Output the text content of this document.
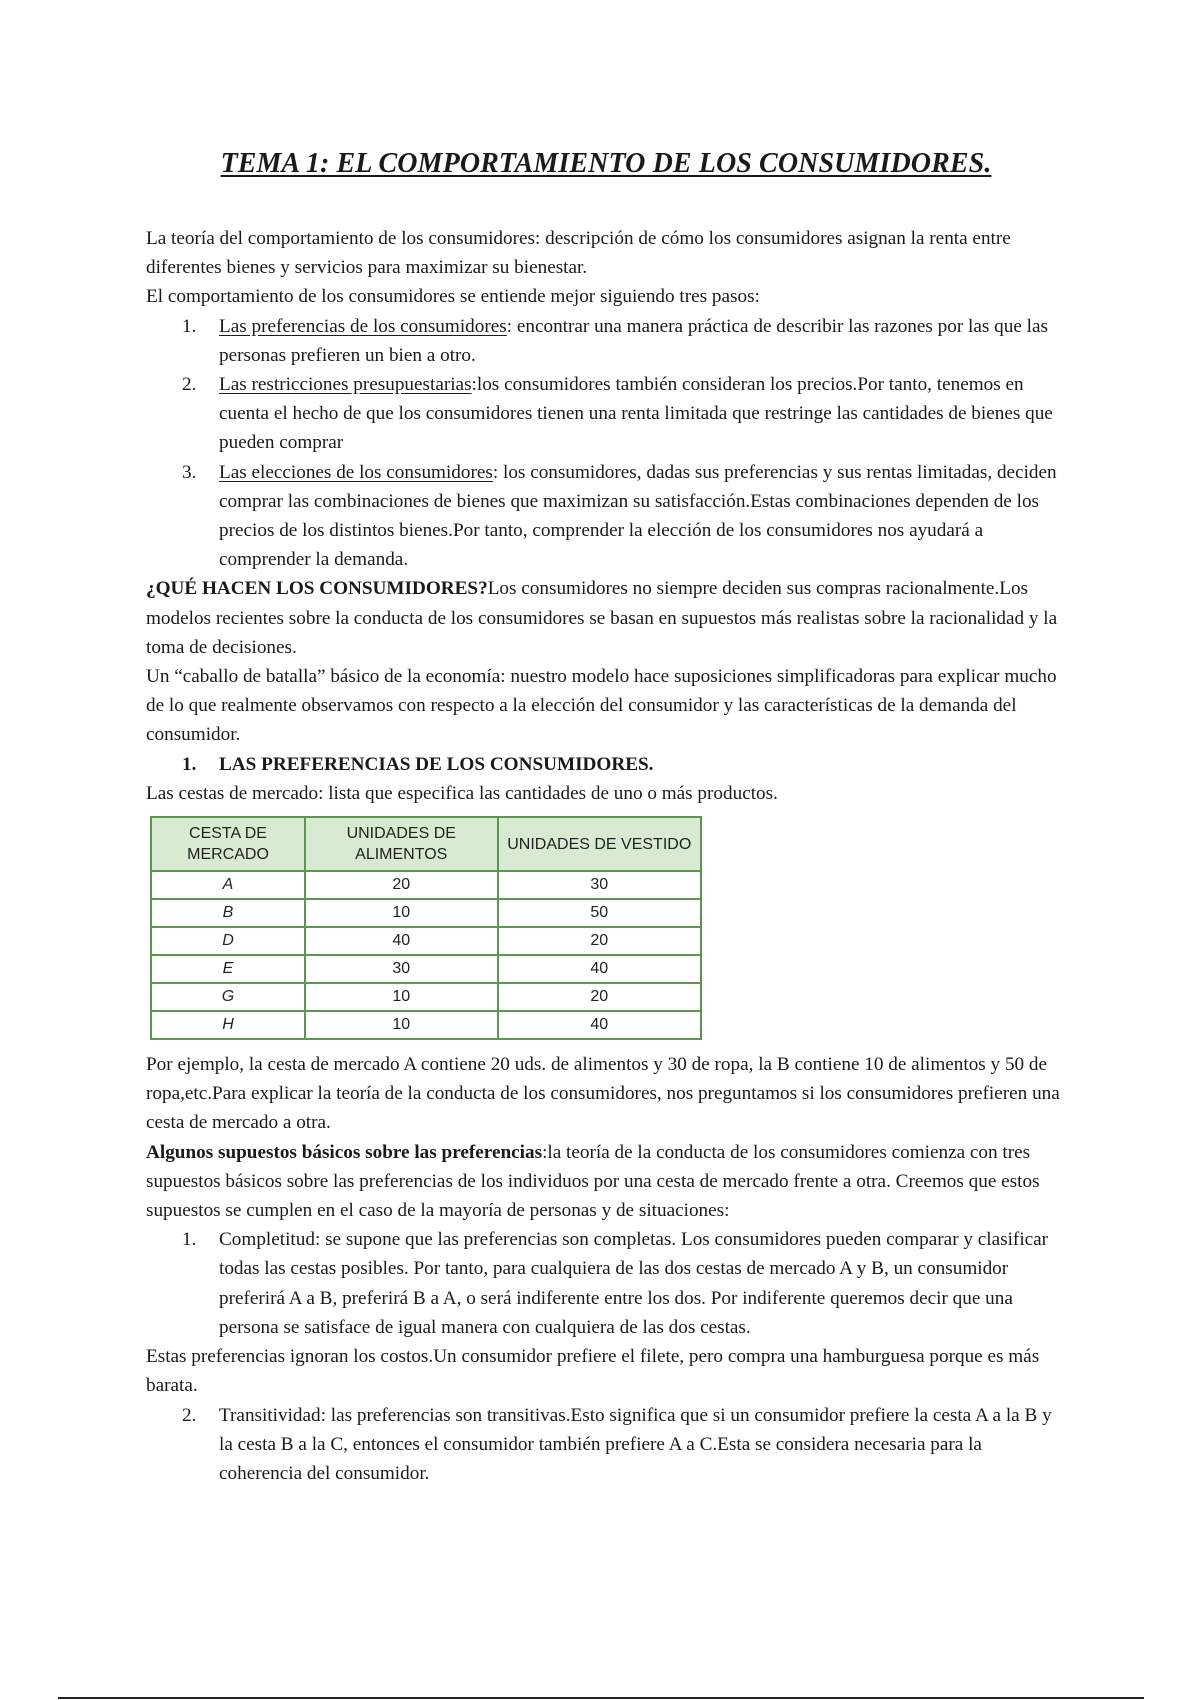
TEMA 1: EL COMPORTAMIENTO DE LOS CONSUMIDORES.

La teoría del comportamiento de los consumidores: descripción de cómo los consumidores asignan la renta entre diferentes bienes y servicios para maximizar su bienestar.

El comportamiento de los consumidores se entiende mejor siguiendo tres pasos:

1. Las preferencias de los consumidores: encontrar una manera práctica de describir las razones por las que las personas prefieren un bien a otro.
2. Las restricciones presupuestarias:los consumidores también consideran los precios.Por tanto, tenemos en cuenta el hecho de que los consumidores tienen una renta limitada que restringe las cantidades de bienes que pueden comprar
3. Las elecciones de los consumidores: los consumidores, dadas sus preferencias y sus rentas limitadas, deciden comprar las combinaciones de bienes que maximizan su satisfacción.Estas combinaciones dependen de los precios de los distintos bienes.Por tanto, comprender la elección de los consumidores nos ayudará a comprender la demanda.

¿QUÉ HACEN LOS CONSUMIDORES?Los consumidores no siempre deciden sus compras racionalmente.Los modelos recientes sobre la conducta de los consumidores se basan en supuestos más realistas sobre la racionalidad y la toma de decisiones.

Un “caballo de batalla” básico de la economía: nuestro modelo hace suposiciones simplificadoras para explicar mucho de lo que realmente observamos con respecto a la elección del consumidor y las características de la demanda del consumidor.

1. LAS PREFERENCIAS DE LOS CONSUMIDORES.

Las cestas de mercado: lista que especifica las cantidades de uno o más productos.

CESTA DE MERCADO	UNIDADES DE ALIMENTOS	UNIDADES DE VESTIDO
A	20	30
B	10	50
D	40	20
E	30	40
G	10	20
H	10	40

Por ejemplo, la cesta de mercado A contiene 20 uds. de alimentos y 30 de ropa, la B contiene 10 de alimentos y 50 de ropa,etc.Para explicar la teoría de la conducta de los consumidores, nos preguntamos si los consumidores prefieren una cesta de mercado a otra.

Algunos supuestos básicos sobre las preferencias:la teoría de la conducta de los consumidores comienza con tres supuestos básicos sobre las preferencias de los individuos por una cesta de mercado frente a otra. Creemos que estos supuestos se cumplen en el caso de la mayoría de personas y de situaciones:

1. Completitud: se supone que las preferencias son completas. Los consumidores pueden comparar y clasificar todas las cestas posibles. Por tanto, para cualquiera de las dos cestas de mercado A y B, un consumidor preferirá A a B, preferirá B a A, o será indiferente entre los dos. Por indiferente queremos decir que una persona se satisface de igual manera con cualquiera de las dos cestas.

Estas preferencias ignoran los costos.Un consumidor prefiere el filete, pero compra una hamburguesa porque es más barata.

2. Transitividad: las preferencias son transitivas.Esto significa que si un consumidor prefiere la cesta A a la B y la cesta B a la C, entonces el consumidor también prefiere A a C.Esta se considera necesaria para la coherencia del consumidor.
